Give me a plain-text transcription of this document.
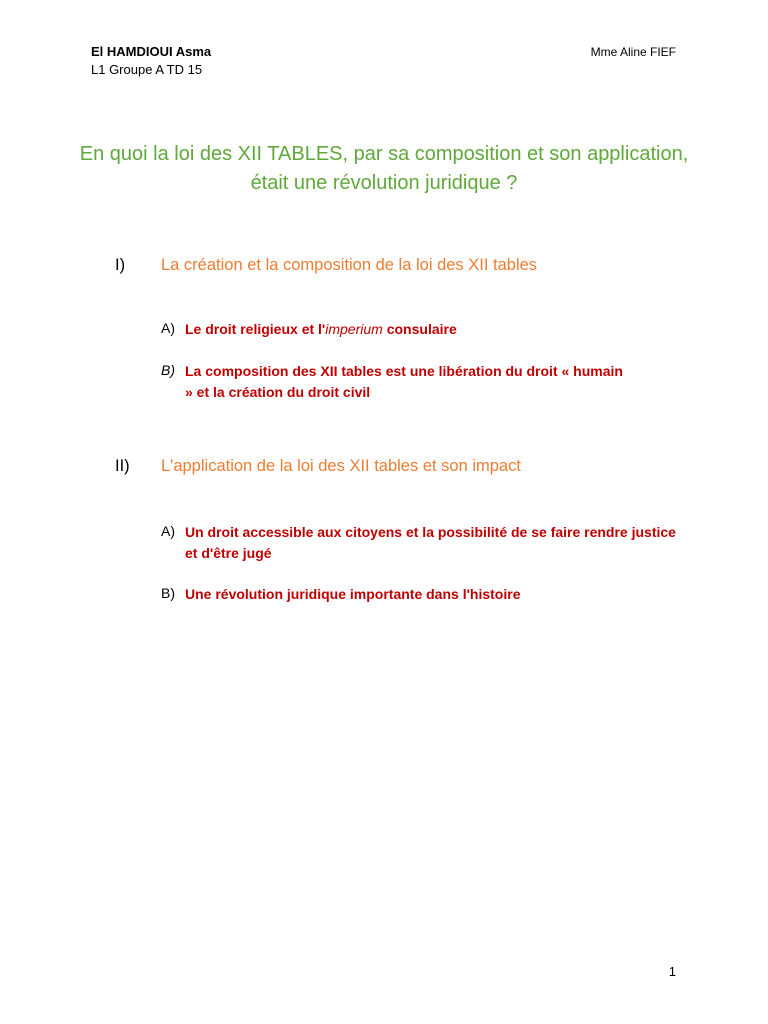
El HAMDIOUI Asma
L1 Groupe A TD 15
Mme Aline FIEF
En quoi la loi des XII TABLES, par sa composition et son application, était une révolution juridique ?
I) La création et la composition de la loi des XII tables
A) Le droit religieux et l'imperium consulaire
B) La composition des XII tables est une libération du droit « humain » et la création du droit civil
II) L'application de la loi des XII tables et son impact
A) Un droit accessible aux citoyens et la possibilité de se faire rendre justice et d'être jugé
B) Une révolution juridique importante dans l'histoire
1
